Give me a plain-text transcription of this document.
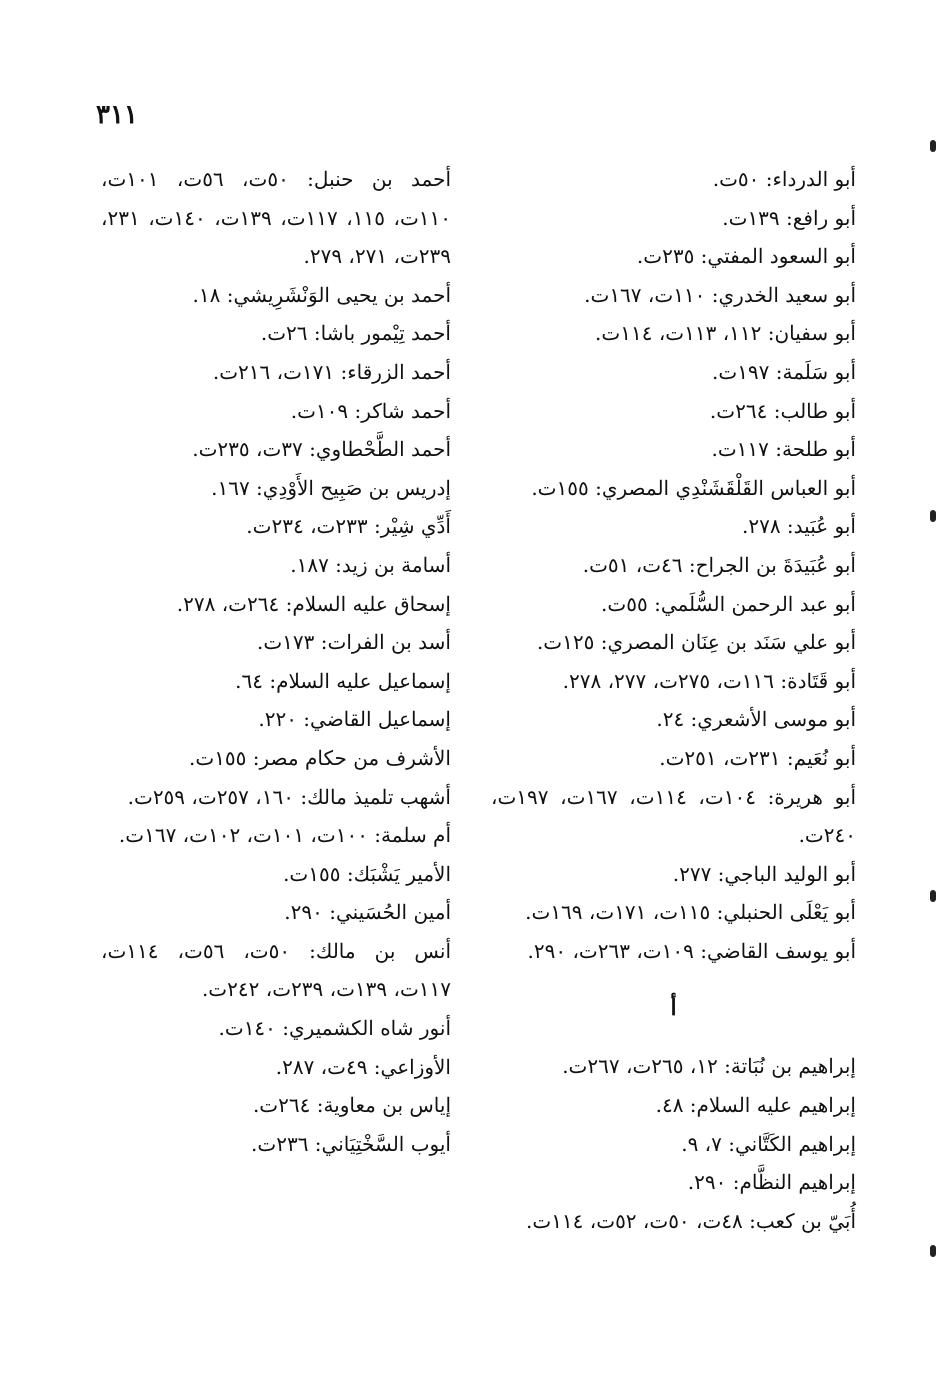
٣١١
أبو الدرداء: ٥٠ت.
أبو رافع: ١٣٩ت.
أبو السعود المفتي: ٢٣٥ت.
أبو سعيد الخدري: ١١٠ت، ١٦٧ت.
أبو سفيان: ١١٢، ١١٣ت، ١١٤ت.
أبو سَلَمة: ١٩٧ت.
أبو طالب: ٢٦٤ت.
أبو طلحة: ١١٧ت.
أبو العباس القَلْقَشَنْدِي المصري: ١٥٥ت.
أبو عُبَيد: ٢٧٨.
أبو عُبَيدَةَ بن الجراح: ٤٦ت، ٥١ت.
أبو عبد الرحمن السُّلَمي: ٥٥ت.
أبو علي سَنَد بن عِنَان المصري: ١٢٥ت.
أبو قَتَادة: ١١٦ت، ٢٧٥ت، ٢٧٧، ٢٧٨.
أبو موسى الأشعري: ٢٤.
أبو نُعَيم: ٢٣١ت، ٢٥١ت.
أبو هريرة: ١٠٤ت، ١١٤ت، ١٦٧ت، ١٩٧ت، ٢٤٠ت.
أبو الوليد الباجي: ٢٧٧.
أبو يَعْلَى الحنبلي: ١١٥ت، ١٧١ت، ١٦٩ت.
أبو يوسف القاضي: ١٠٩ت، ٢٦٣ت، ٢٩٠.
أ
إبراهيم بن نُبَاتة: ١٢، ٢٦٥ت، ٢٦٧ت.
إبراهيم عليه السلام: ٤٨.
إبراهيم الكَتَّاني: ٧، ٩.
إبراهيم النظَّام: ٢٩٠.
أُبَيّ بن كعب: ٤٨ت، ٥٠ت، ٥٢ت، ١١٤ت.
أحمد بن حنبل: ٥٠ت، ٥٦ت، ١٠١ت، ١١٠ت، ١١٥، ١١٧ت، ١٣٩ت، ١٤٠ت، ٢٣١، ٢٣٩ت، ٢٧١، ٢٧٩.
أحمد بن يحيى الوَنْشَرِيشي: ١٨.
أحمد تِيْمور باشا: ٢٦ت.
أحمد الزرقاء: ١٧١ت، ٢١٦ت.
أحمد شاكر: ١٠٩ت.
أحمد الطَّحْطاوي: ٣٧ت، ٢٣٥ت.
إدريس بن صَبِيح الأَوْدِي: ١٦٧.
أَدِّي شِيْر: ٢٣٣ت، ٢٣٤ت.
أسامة بن زيد: ١٨٧.
إسحاق عليه السلام: ٢٦٤ت، ٢٧٨.
أسد بن الفرات: ١٧٣ت.
إسماعيل عليه السلام: ٦٤.
إسماعيل القاضي: ٢٢٠.
الأشرف من حكام مصر: ١٥٥ت.
أشهب تلميذ مالك: ١٦٠، ٢٥٧ت، ٢٥٩ت.
أم سلمة: ١٠٠ت، ١٠١ت، ١٠٢ت، ١٦٧ت.
الأمير يَشْبَك: ١٥٥ت.
أمين الحُسَيني: ٢٩٠.
أنس بن مالك: ٥٠ت، ٥٦ت، ١١٤ت، ١١٧ت، ١٣٩ت، ٢٣٩ت، ٢٤٢ت.
أنور شاه الكشميري: ١٤٠ت.
الأوزاعي: ٤٩ت، ٢٨٧.
إياس بن معاوية: ٢٦٤ت.
أيوب السَّخْتِيَاني: ٢٣٦ت.
